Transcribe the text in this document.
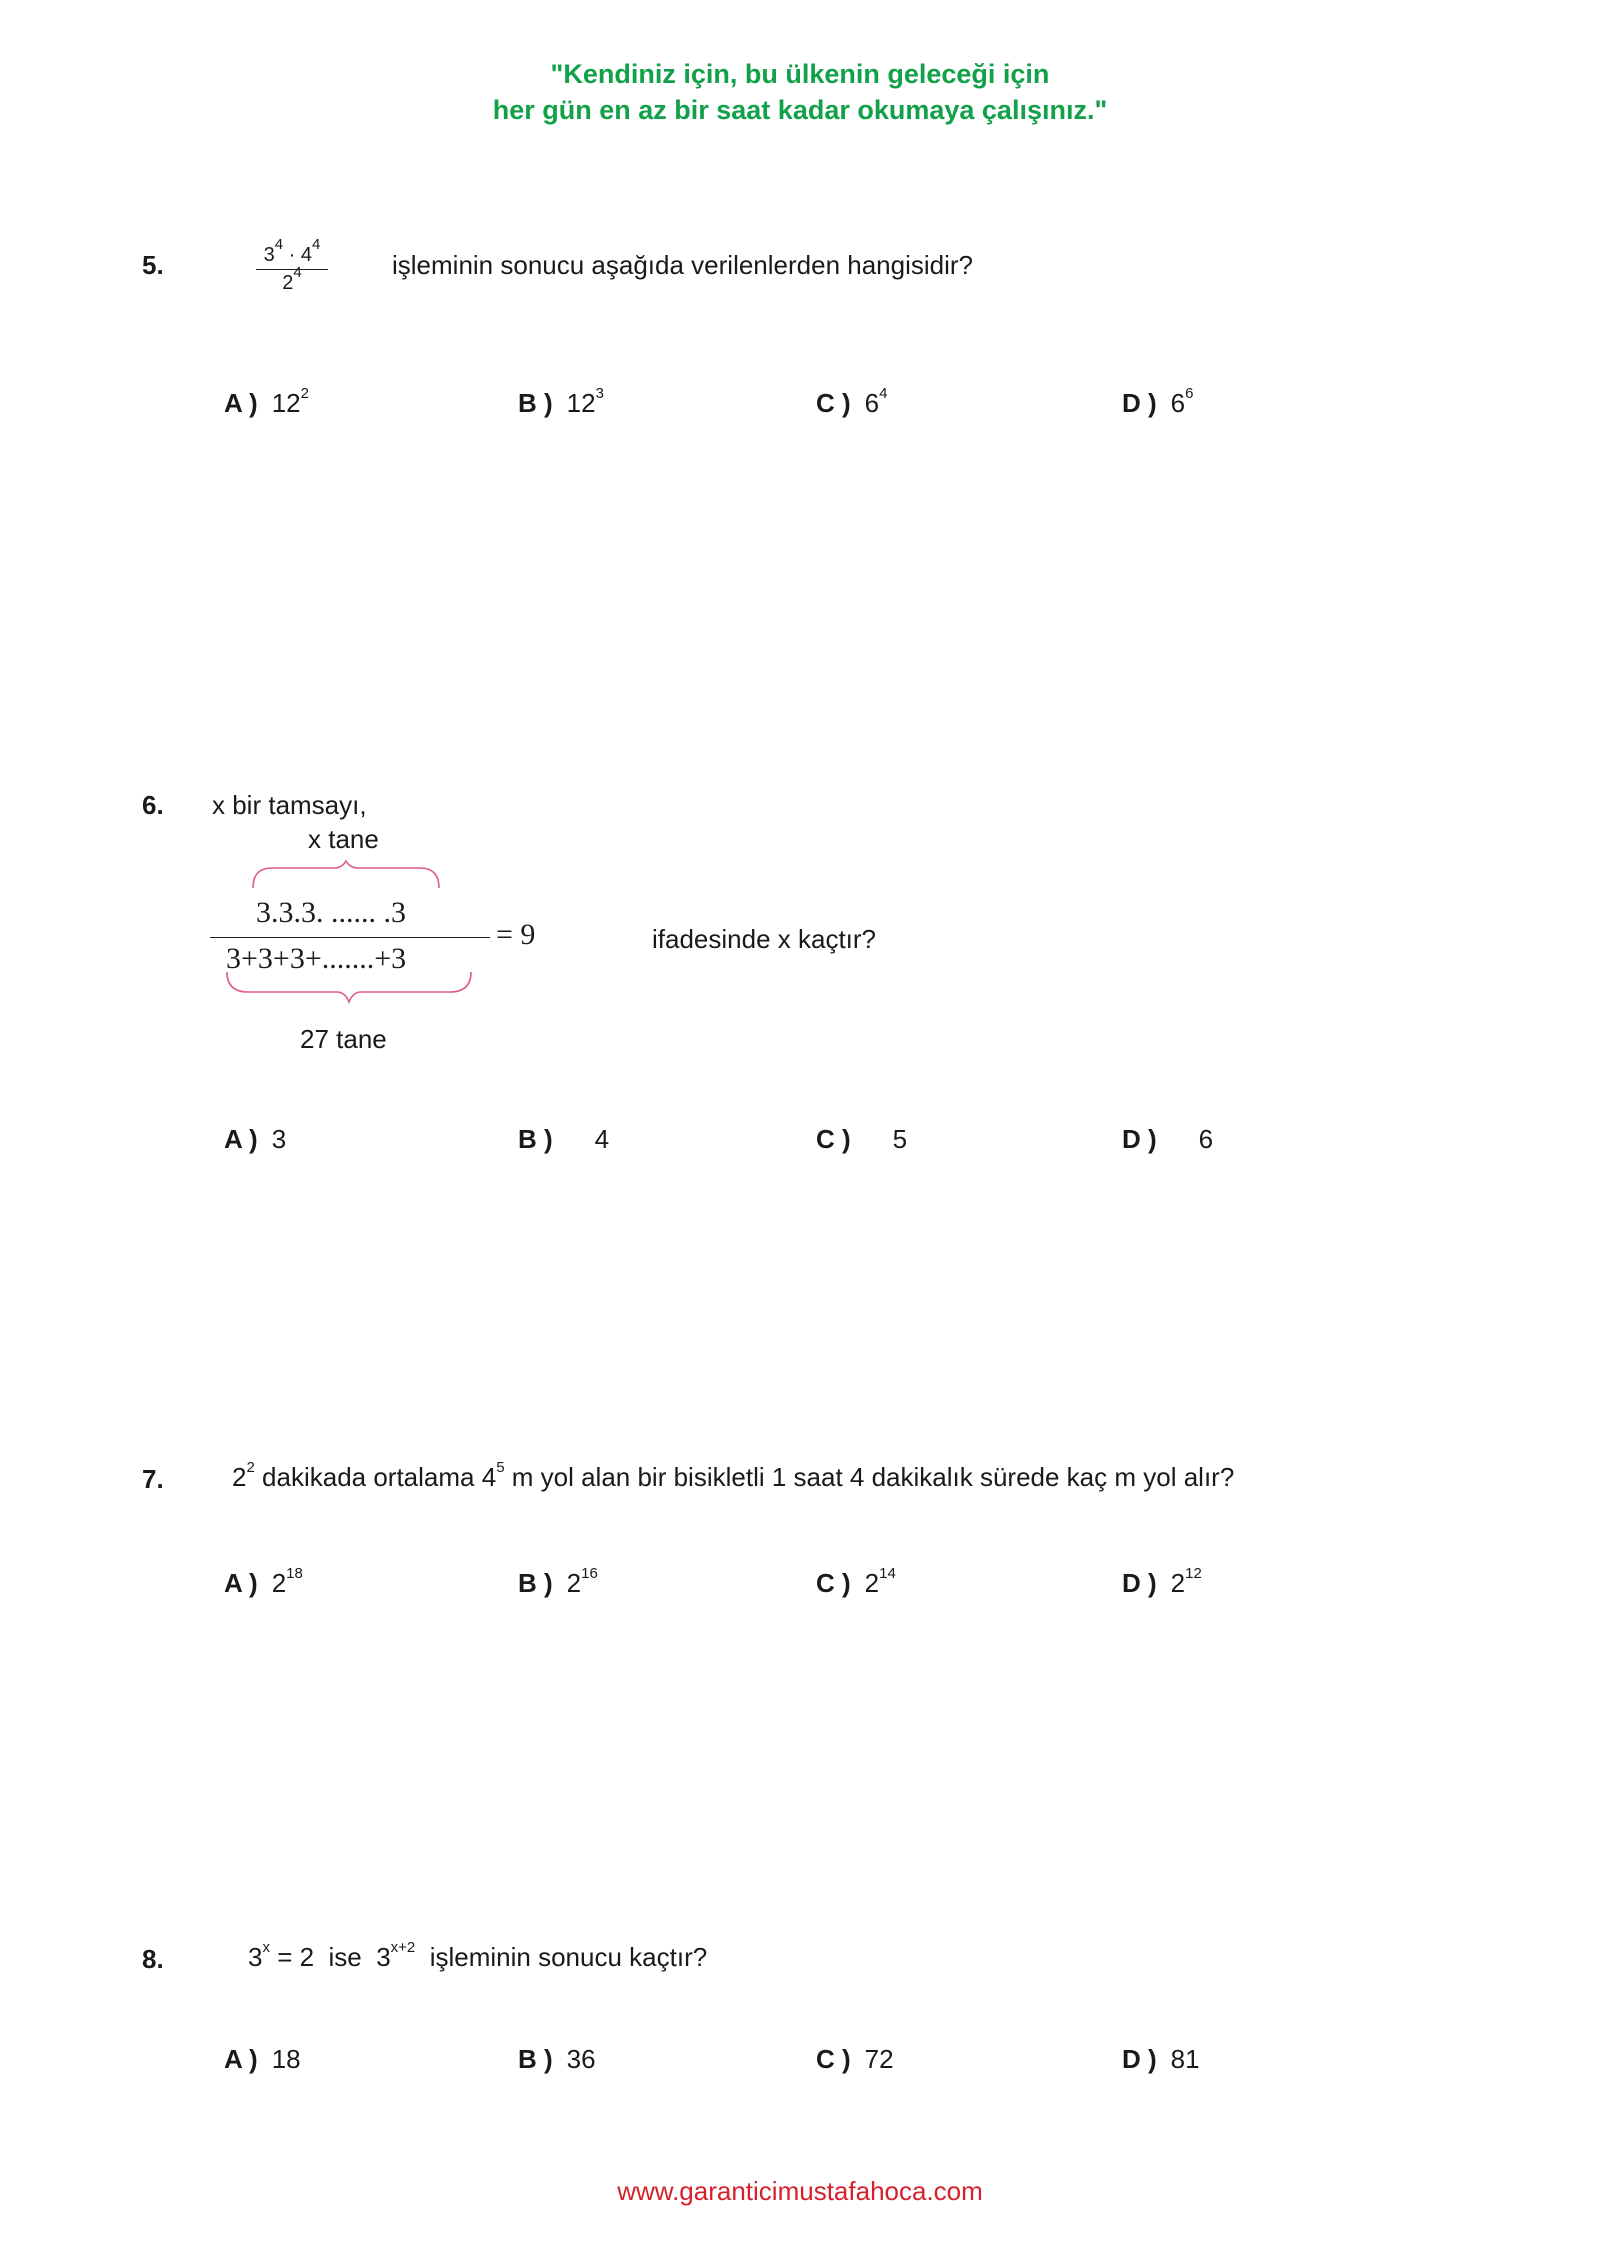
"Kendiniz için, bu ülkenin geleceği için
her gün en az bir saat kadar okumaya çalışınız."
5.	$\frac{3^4 \cdot 4^4}{2^4}$ işleminin sonucu aşağıda verilenlerden hangisidir?
A ) $12^2$	B ) $12^3$	C ) $6^4$	D ) $6^6$
6. x bir tamsayı,
x tane
3.3.3. ...... .3
3+3+3+.......+3
= 9
27 tane
ifadesinde x kaçtır?
A ) 3	B ) 4	C ) 5	D ) 6
7.	$2^2$ dakikada ortalama $4^5$ m yol alan bir bisikletli 1 saat 4 dakikalık sürede kaç m yol alır?
A ) $2^{18}$	B ) $2^{16}$	C ) $2^{14}$	D ) $2^{12}$
8.	$3^x = 2$  ise  $3^{x+2}$  işleminin sonucu kaçtır?
A ) 18	B ) 36	C ) 72	D ) 81
www.garanticimustafahoca.com
